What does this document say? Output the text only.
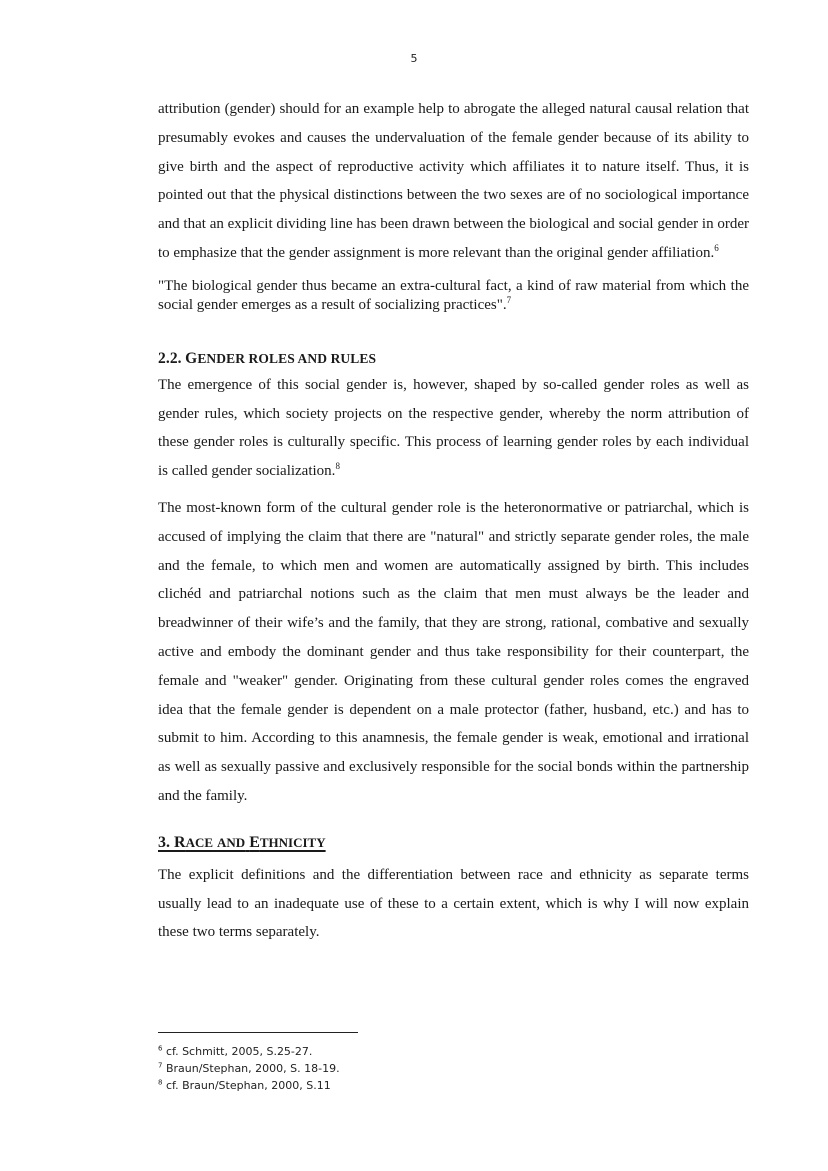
5

attribution (gender) should for an example help to abrogate the alleged natural causal relation that presumably evokes and causes the undervaluation of the female gender because of its ability to give birth and the aspect of reproductive activity which affiliates it to nature itself. Thus, it is pointed out that the physical distinctions between the two sexes are of no sociological importance and that an explicit dividing line has been drawn between the biological and social gender in order to emphasize that the gender assignment is more relevant than the original gender affiliation.$^6$

"The biological gender thus became an extra-cultural fact, a kind of raw material from which the social gender emerges as a result of socializing practices".$^7$

2.2. GENDER ROLES AND RULES

The emergence of this social gender is, however, shaped by so-called gender roles as well as gender rules, which society projects on the respective gender, whereby the norm attribution of these gender roles is culturally specific. This process of learning gender roles by each individual is called gender socialization.$^8$

The most-known form of the cultural gender role is the heteronormative or patriarchal, which is accused of implying the claim that there are "natural" and strictly separate gender roles, the male and the female, to which men and women are automatically assigned by birth. This includes clichéd and patriarchal notions such as the claim that men must always be the leader and breadwinner of their wife’s and the family, that they are strong, rational, combative and sexually active and embody the dominant gender and thus take responsibility for their counterpart, the female and "weaker" gender. Originating from these cultural gender roles comes the engraved idea that the female gender is dependent on a male protector (father, husband, etc.) and has to submit to him. According to this anamnesis, the female gender is weak, emotional and irrational as well as sexually passive and exclusively responsible for the social bonds within the partnership and the family.

3. RACE AND ETHNICITY

The explicit definitions and the differentiation between race and ethnicity as separate terms usually lead to an inadequate use of these to a certain extent, which is why I will now explain these two terms separately.

$^6$ cf. Schmitt, 2005, S.25-27.

$^7$ Braun/Stephan, 2000, S. 18-19.

$^8$ cf. Braun/Stephan, 2000, S.11
